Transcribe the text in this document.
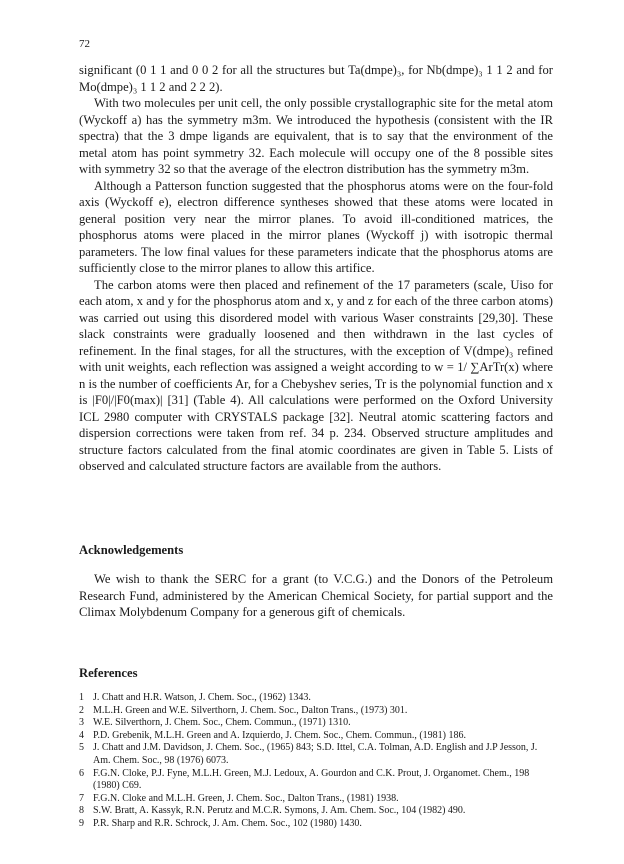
72

significant (0 1 1 and 0 0 2 for all the structures but Ta(dmpe)₃, for Nb(dmpe)₃ 1 1 2 and for Mo(dmpe)₃ 1 1 2 and 2 2 2).

With two molecules per unit cell, the only possible crystallographic site for the metal atom (Wyckoff a) has the symmetry m3m. We introduced the hypothesis (consistent with the IR spectra) that the 3 dmpe ligands are equivalent, that is to say that the environment of the metal atom has point symmetry 32. Each molecule will occupy one of the 8 possible sites with symmetry 32 so that the average of the electron distribution has the symmetry m3m.

Although a Patterson function suggested that the phosphorus atoms were on the four-fold axis (Wyckoff e), electron difference syntheses showed that these atoms were located in general position very near the mirror planes. To avoid ill-conditioned matrices, the phosphorus atoms were placed in the mirror planes (Wyckoff j) with isotropic thermal parameters. The low final values for these parameters indicate that the phosphorus atoms are sufficiently close to the mirror planes to allow this artifice.

The carbon atoms were then placed and refinement of the 17 parameters (scale, Uiso for each atom, x and y for the phosphorus atom and x, y and z for each of the three carbon atoms) was carried out using this disordered model with various Waser constraints [29,30]. These slack constraints were gradually loosened and then withdrawn in the last cycles of refinement. In the final stages, for all the structures, with the exception of V(dmpe)₃ refined with unit weights, each reflection was assigned a weight according to w = 1/ ∑ArTr(x) where n is the number of coefficients Ar, for a Chebyshev series, Tr is the polynomial function and x is |F0|/|F0(max)| [31] (Table 4). All calculations were performed on the Oxford University ICL 2980 computer with CRYSTALS package [32]. Neutral atomic scattering factors and dispersion corrections were taken from ref. 34 p. 234. Observed structure amplitudes and structure factors calculated from the final atomic coordinates are given in Table 5. Lists of observed and calculated structure factors are available from the authors.

Acknowledgements

We wish to thank the SERC for a grant (to V.C.G.) and the Donors of the Petroleum Research Fund, administered by the American Chemical Society, for partial support and the Climax Molybdenum Company for a generous gift of chemicals.

References
1 J. Chatt and H.R. Watson, J. Chem. Soc., (1962) 1343.
2 M.L.H. Green and W.E. Silverthorn, J. Chem. Soc., Dalton Trans., (1973) 301.
3 W.E. Silverthorn, J. Chem. Soc., Chem. Commun., (1971) 1310.
4 P.D. Grebenik, M.L.H. Green and A. Izquierdo, J. Chem. Soc., Chem. Commun., (1981) 186.
5 J. Chatt and J.M. Davidson, J. Chem. Soc., (1965) 843; S.D. Ittel, C.A. Tolman, A.D. English and J.P Jesson, J. Am. Chem. Soc., 98 (1976) 6073.
6 F.G.N. Cloke, P.J. Fyne, M.L.H. Green, M.J. Ledoux, A. Gourdon and C.K. Prout, J. Organomet. Chem., 198 (1980) C69.
7 F.G.N. Cloke and M.L.H. Green, J. Chem. Soc., Dalton Trans., (1981) 1938.
8 S.W. Bratt, A. Kassyk, R.N. Perutz and M.C.R. Symons, J. Am. Chem. Soc., 104 (1982) 490.
9 P.R. Sharp and R.R. Schrock, J. Am. Chem. Soc., 102 (1980) 1430.
